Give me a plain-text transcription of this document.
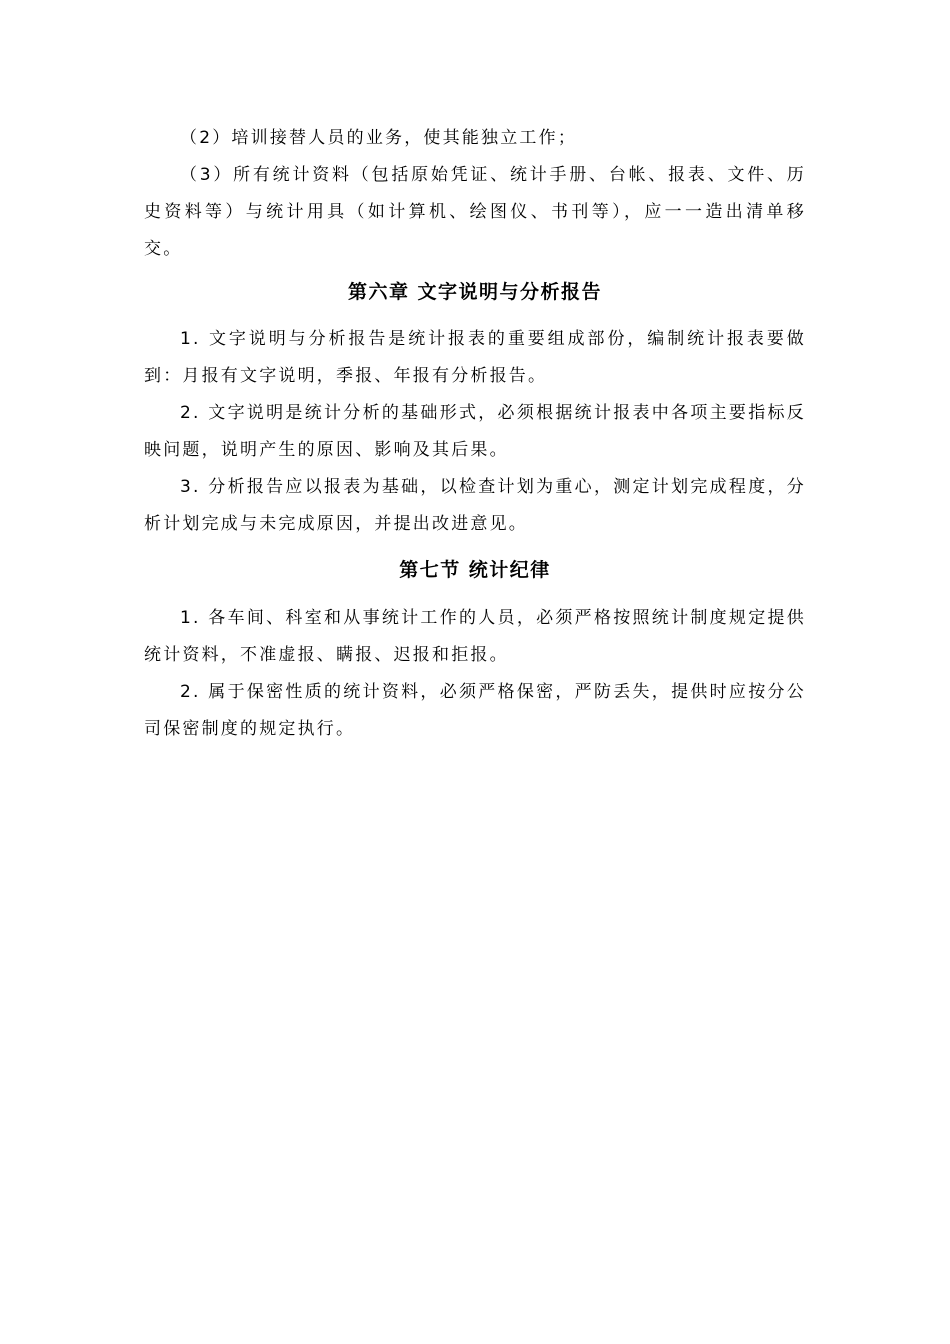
（2）培训接替人员的业务，使其能独立工作；

（3）所有统计资料（包括原始凭证、统计手册、台帐、报表、文件、历史资料等）与统计用具（如计算机、绘图仪、书刊等），应一一造出清单移交。

第六章 文字说明与分析报告

1. 文字说明与分析报告是统计报表的重要组成部份，编制统计报表要做到：月报有文字说明，季报、年报有分析报告。

2. 文字说明是统计分析的基础形式，必须根据统计报表中各项主要指标反映问题，说明产生的原因、影响及其后果。

3. 分析报告应以报表为基础，以检查计划为重心，测定计划完成程度，分析计划完成与未完成原因，并提出改进意见。

第七节 统计纪律

1. 各车间、科室和从事统计工作的人员，必须严格按照统计制度规定提供统计资料，不准虚报、瞒报、迟报和拒报。

2. 属于保密性质的统计资料，必须严格保密，严防丢失，提供时应按分公司保密制度的规定执行。
